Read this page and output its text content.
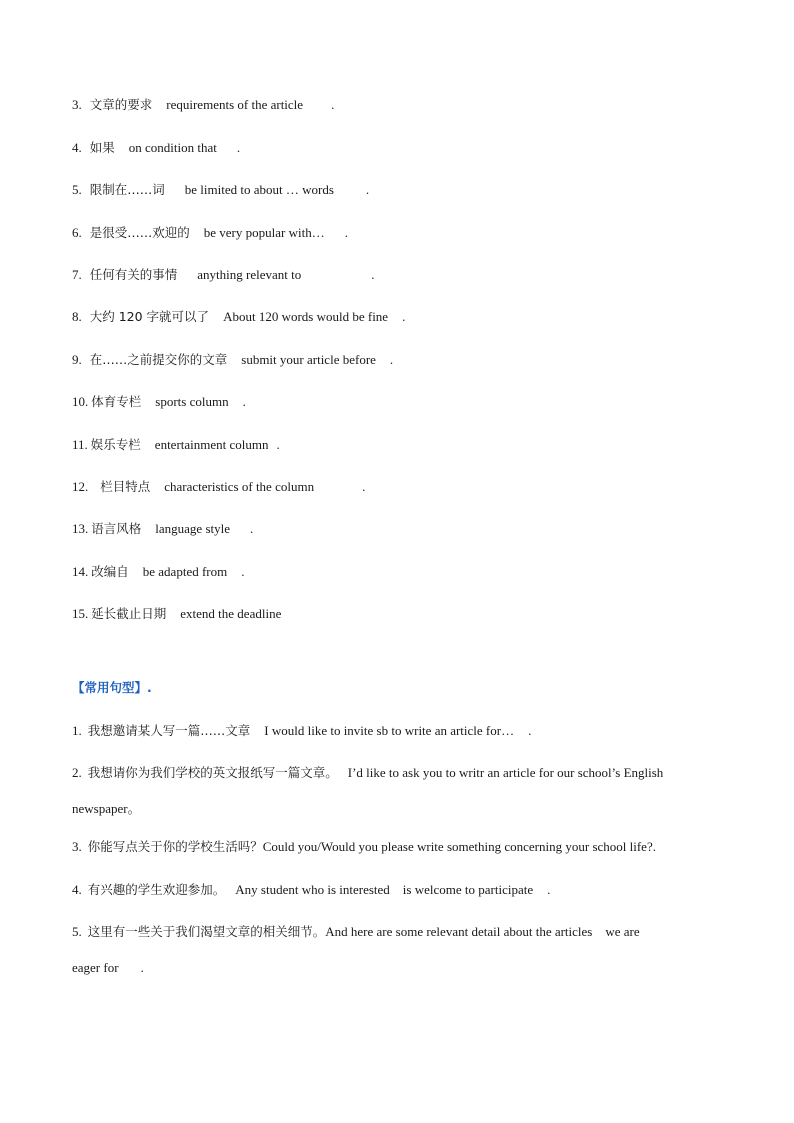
3. 文章的要求 requirements of the article .
4. 如果 on condition that .
5. 限制在……词 be limited to about … words .
6. 是很受……欢迎的 be very popular with… .
7. 任何有关的事情 anything relevant to	.
8. 大约 120 字就可以了 About 120 words would be fine .
9. 在……之前提交你的文章 submit your article before .
10. 体育专栏 sports column .
11. 娱乐专栏 entertainment column .
12. 栏目特点 characteristics of the column	.
13. 语言风格 language style .
14. 改编自 be adapted from .
15. 延长截止日期 extend the deadline
【常用句型】.
1. 我想邀请某人写一篇……文章 I would like to invite sb to write an article for… .
2. 我想请你为我们学校的英文报纸写一篇文章。 I’d like to ask you to writr an article for our school’s English
newspaper。
3. 你能写点关于你的学校生活吗？Could you/Would you please write something concerning your school life?.
4. 有兴趣的学生欢迎参加。 Any student who is interested    is welcome to participate .
5. 这里有一些关于我们渴望文章的相关细节。And here are some relevant detail about the articles    we are
eager for .
